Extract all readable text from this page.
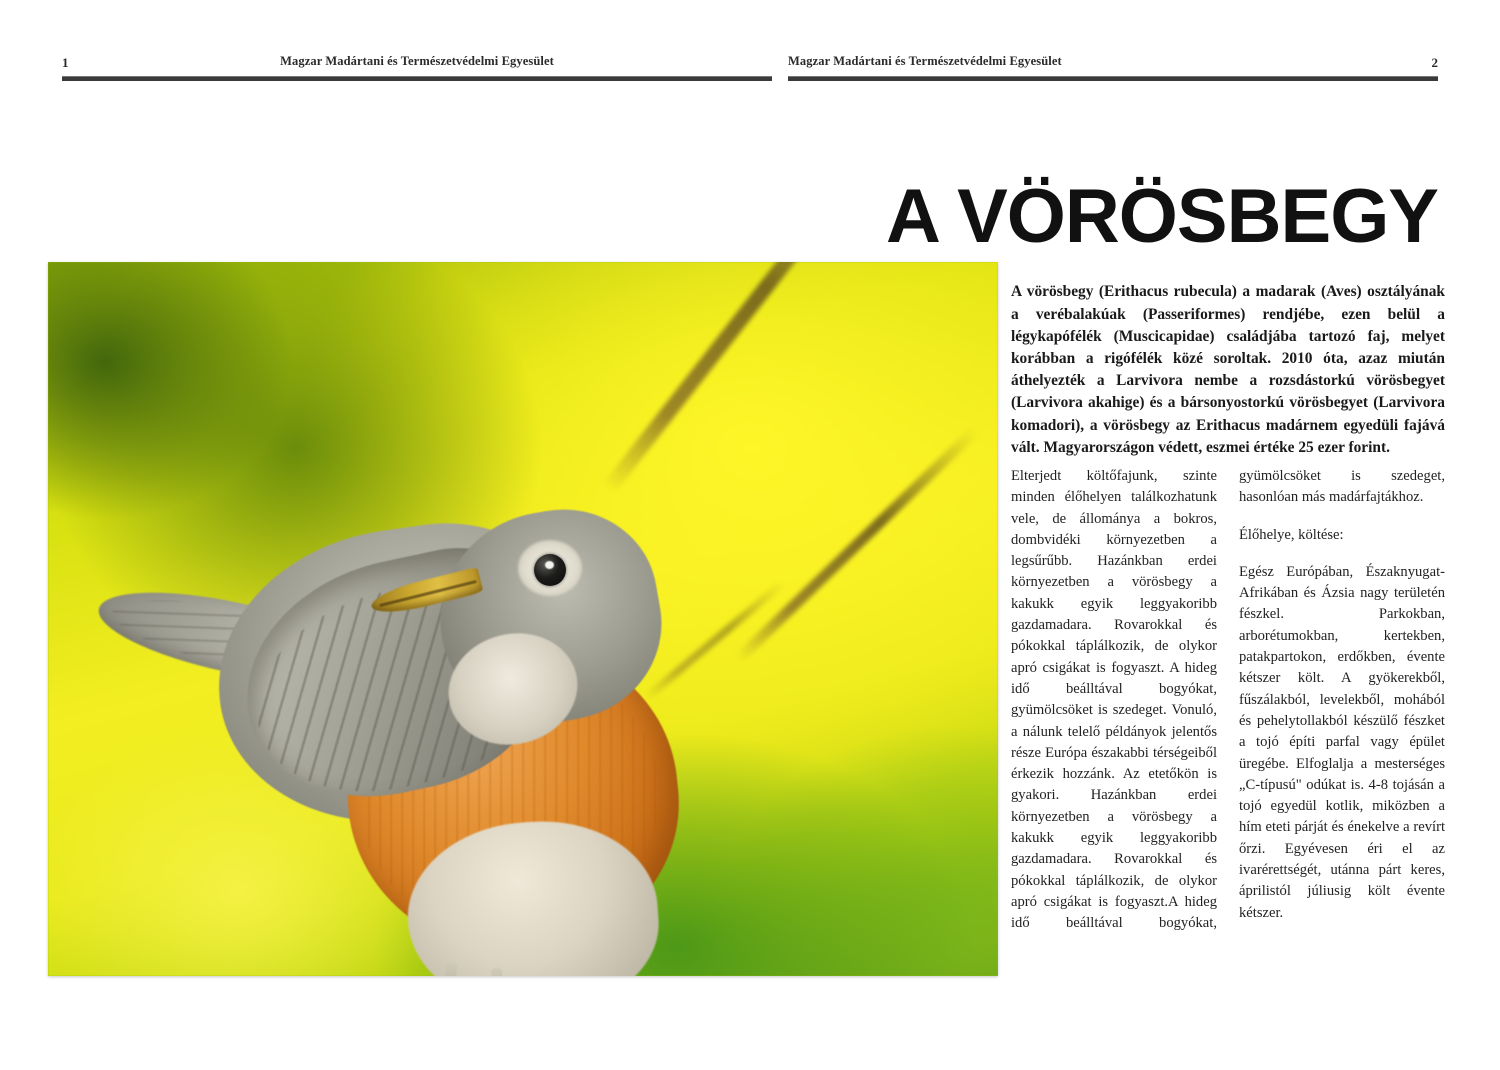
1	Magzar Madártani és Természetvédelmi Egyesület	Magzar Madártani és Természetvédelmi Egyesület	2
A VÖRÖSBEGY

A vörösbegy (Erithacus rubecula) a madarak (Aves) osztályának a verébalakúak (Passeriformes) rendjébe, ezen belül a légykapófélék (Muscicapidae) családjába tartozó faj, melyet korábban a rigófélék közé soroltak. 2010 óta, azaz miután áthelyezték a Larvivora nembe a rozsdástorkú vörösbegyet (Larvivora akahige) és a bársonyostorkú vörösbegyet (Larvivora komadori), a vörösbegy az Erithacus madárnem egyedüli fajává vált. Magyarországon védett, eszmei értéke 25 ezer forint.

Elterjedt költőfajunk, szinte minden élőhelyen találkozhatunk vele, de állománya a bokros, dombvidéki környezetben a legsűrűbb. Hazánkban erdei környezetben a vörösbegy a kakukk egyik leggyakoribb gazdamadara. Rovarokkal és pókokkal táplálkozik, de olykor apró csigákat is fogyaszt. A hideg idő beálltával bogyókat, gyümölcsöket is szedeget. Vonuló, a nálunk telelő példányok jelentős része Európa északabbi térségeiből érkezik hozzánk. Az etetőkön is gyakori. Hazánkban erdei környezetben a vörösbegy a kakukk egyik leggyakoribb gazdamadara. Rovarokkal és pókokkal táplálkozik, de olykor apró csigákat is fogyaszt.A hideg idő beálltával bogyókat, gyümölcsöket is szedeget, hasonlóan más madárfajtákhoz.

Élőhelye, költése:

Egész Európában, Északnyugat-Afrikában és Ázsia nagy területén fészkel. Parkokban, arborétumokban, kertekben, patakpartokon, erdőkben, évente kétszer költ. A gyökerekből, fűszálakból, levelekből, mohából és pehelytollakból készülő fészket a tojó építi parfal vagy épület üregébe. Elfoglalja a mesterséges „C-típusú" odúkat is. 4-8 tojásán a tojó egyedül kotlik, miközben a hím eteti párját és énekelve a revírt őrzi. Egyévesen éri el az ivarérettségét, utánna párt keres, áprilistól júliusig költ évente kétszer.
